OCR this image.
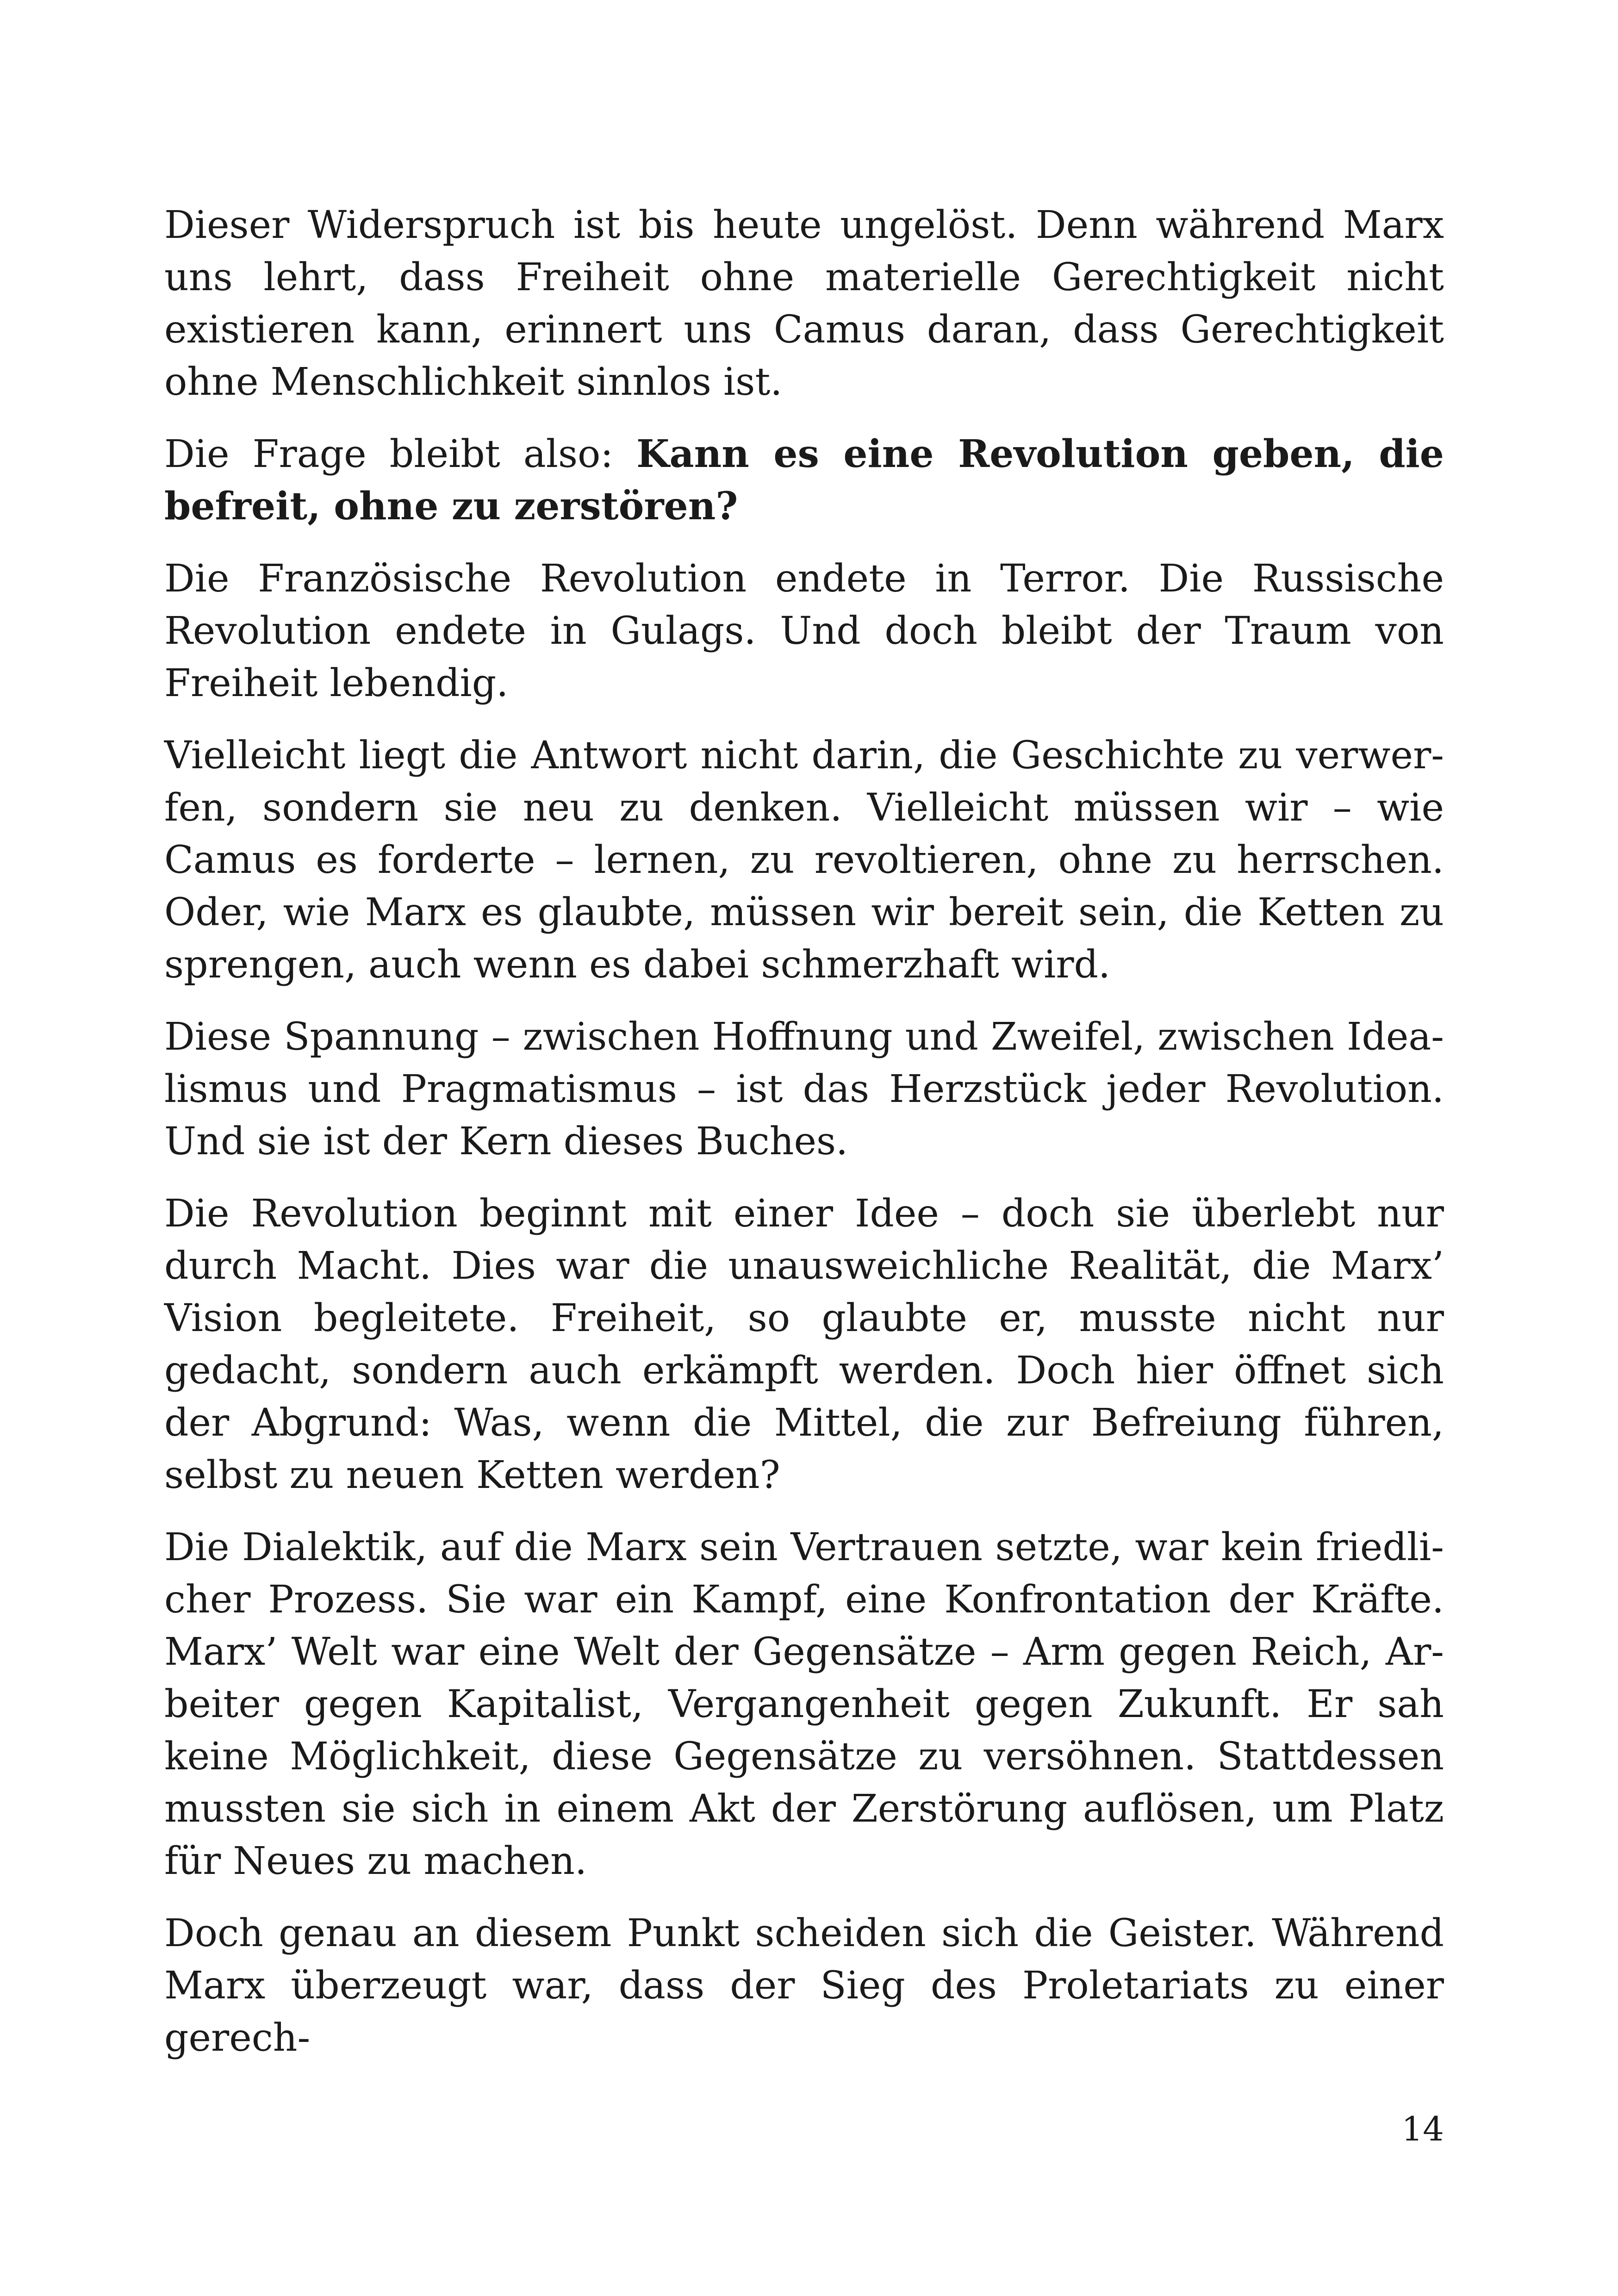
Dieser Widerspruch ist bis heute ungelöst. Denn während Marx uns lehrt, dass Freiheit ohne materielle Gerechtigkeit nicht existieren kann, erinnert uns Camus daran, dass Gerechtigkeit ohne Menschlichkeit sinnlos ist.

Die Frage bleibt also: Kann es eine Revolution geben, die befreit, ohne zu zerstören?

Die Französische Revolution endete in Terror. Die Russische Revolution endete in Gulags. Und doch bleibt der Traum von Freiheit lebendig.

Vielleicht liegt die Antwort nicht darin, die Geschichte zu verwerfen, sondern sie neu zu denken. Vielleicht müssen wir – wie Camus es forderte – lernen, zu revoltieren, ohne zu herrschen. Oder, wie Marx es glaubte, müssen wir bereit sein, die Ketten zu sprengen, auch wenn es dabei schmerzhaft wird.

Diese Spannung – zwischen Hoffnung und Zweifel, zwischen Idealismus und Pragmatismus – ist das Herzstück jeder Revolution. Und sie ist der Kern dieses Buches.

Die Revolution beginnt mit einer Idee – doch sie überlebt nur durch Macht. Dies war die unausweichliche Realität, die Marx’ Vision begleitete. Freiheit, so glaubte er, musste nicht nur gedacht, sondern auch erkämpft werden. Doch hier öffnet sich der Abgrund: Was, wenn die Mittel, die zur Befreiung führen, selbst zu neuen Ketten werden?

Die Dialektik, auf die Marx sein Vertrauen setzte, war kein friedlicher Prozess. Sie war ein Kampf, eine Konfrontation der Kräfte. Marx’ Welt war eine Welt der Gegensätze – Arm gegen Reich, Arbeiter gegen Kapitalist, Vergangenheit gegen Zukunft. Er sah keine Möglichkeit, diese Gegensätze zu versöhnen. Stattdessen mussten sie sich in einem Akt der Zerstörung auflösen, um Platz für Neues zu machen.

Doch genau an diesem Punkt scheiden sich die Geister. Während Marx überzeugt war, dass der Sieg des Proletariats zu einer gerech-

14
